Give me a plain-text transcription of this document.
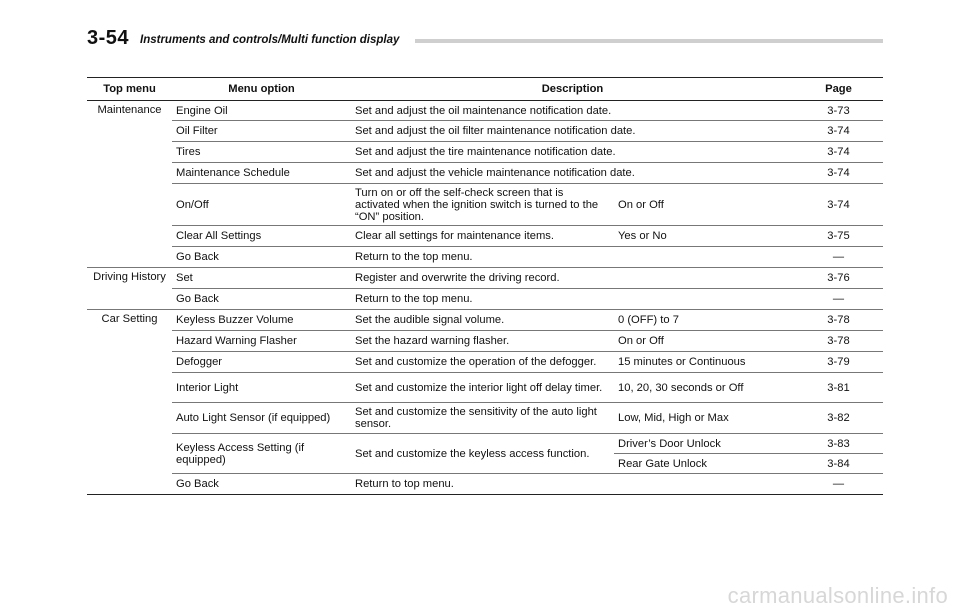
3-54 Instruments and controls/Multi function display
Top menu	Menu option	Description		Page
Maintenance	Engine Oil	Set and adjust the oil maintenance notification date.		3-73
	Oil Filter	Set and adjust the oil filter maintenance notification date.		3-74
	Tires	Set and adjust the tire maintenance notification date.		3-74
	Maintenance Schedule	Set and adjust the vehicle maintenance notification date.		3-74
	On/Off	Turn on or off the self-check screen that is activated when the ignition switch is turned to the “ON” position.	On or Off	3-74
	Clear All Settings	Clear all settings for maintenance items.	Yes or No	3-75
	Go Back	Return to the top menu.		—
Driving History	Set	Register and overwrite the driving record.		3-76
	Go Back	Return to the top menu.		—
Car Setting	Keyless Buzzer Volume	Set the audible signal volume.	0 (OFF) to 7	3-78
	Hazard Warning Flasher	Set the hazard warning flasher.	On or Off	3-78
	Defogger	Set and customize the operation of the defogger.	15 minutes or Continuous	3-79
	Interior Light	Set and customize the interior light off delay timer.	10, 20, 30 seconds or Off	3-81
	Auto Light Sensor (if equipped)	Set and customize the sensitivity of the auto light sensor.	Low, Mid, High or Max	3-82
	Keyless Access Setting (if equipped)	Set and customize the keyless access function.	Driver’s Door Unlock	3-83
			Rear Gate Unlock	3-84
	Go Back	Return to top menu.		—
carmanualsonline.info
